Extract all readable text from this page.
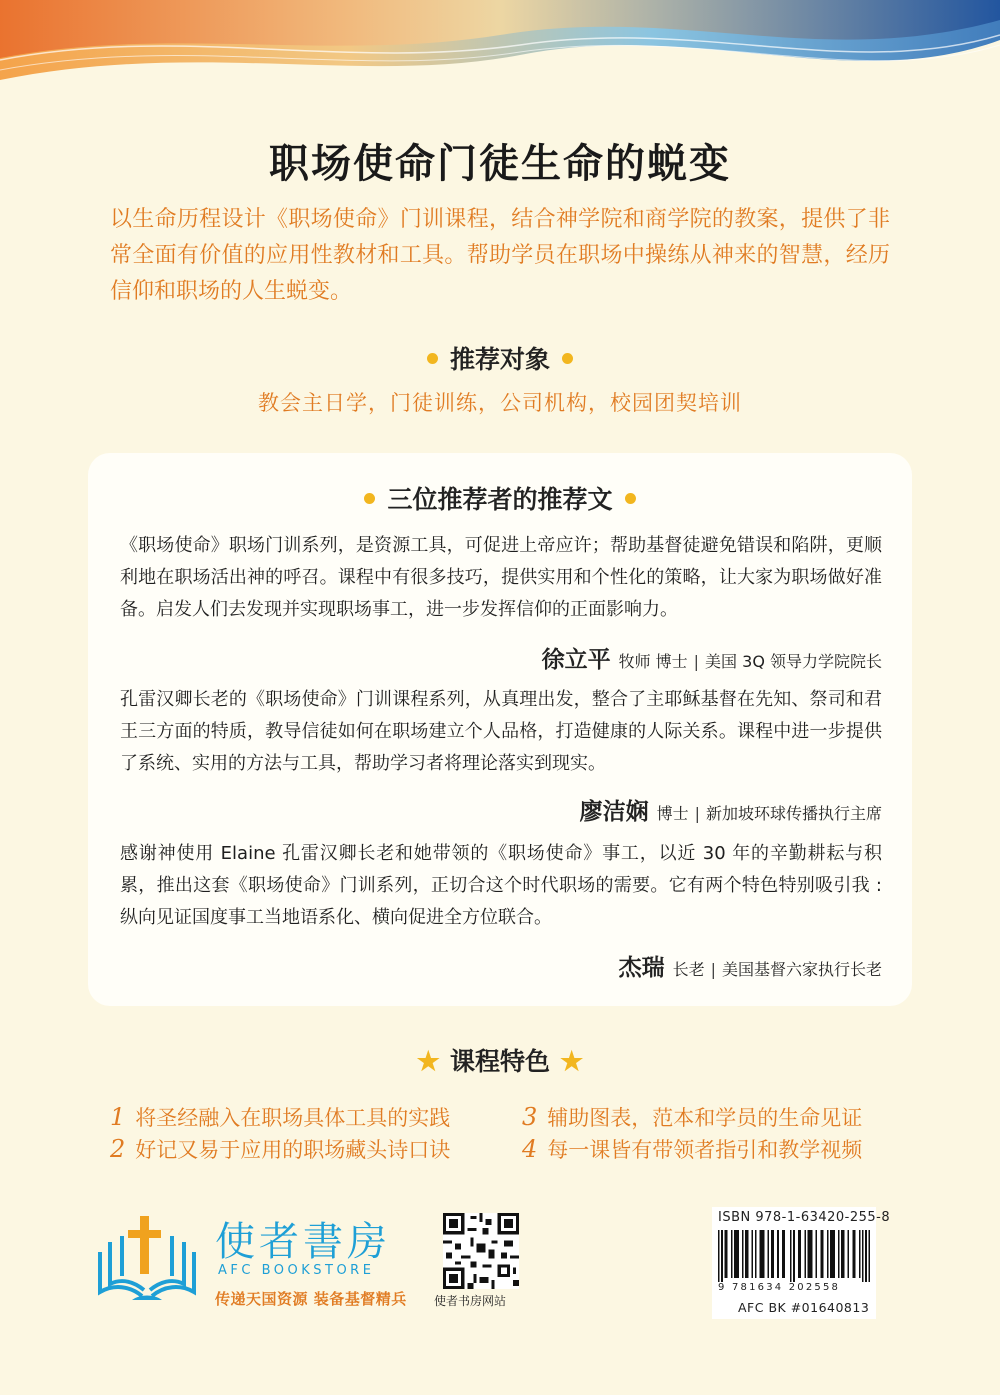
职场使命门徒生命的蜕变
以生命历程设计《职场使命》门训课程，结合神学院和商学院的教案，提供了非常全面有价值的应用性教材和工具。帮助学员在职场中操练从神来的智慧，经历信仰和职场的人生蜕变。
推荐对象
教会主日学，门徒训练，公司机构，校园团契培训
三位推荐者的推荐文
《职场使命》职场门训系列，是资源工具，可促进上帝应许；帮助基督徒避免错误和陷阱，更顺利地在职场活出神的呼召。课程中有很多技巧，提供实用和个性化的策略，让大家为职场做好准备。启发人们去发现并实现职场事工，进一步发挥信仰的正面影响力。
徐立平 牧师 博士 | 美国 3Q 领导力学院院长
孔雷汉卿长老的《职场使命》门训课程系列，从真理出发，整合了主耶稣基督在先知、祭司和君王三方面的特质，教导信徒如何在职场建立个人品格，打造健康的人际关系。课程中进一步提供了系统、实用的方法与工具，帮助学习者将理论落实到现实。
廖洁娴 博士 | 新加坡环球传播执行主席
感谢神使用 Elaine 孔雷汉卿长老和她带领的《职场使命》事工，以近 30 年的辛勤耕耘与积累，推出这套《职场使命》门训系列，正切合这个时代职场的需要。它有两个特色特别吸引我 : 纵向见证国度事工当地语系化、横向促进全方位联合。
杰瑞 长老 | 美国基督六家执行长老
★ 课程特色 ★
1 将圣经融入在职场具体工具的实践
2 好记又易于应用的职场藏头诗口诀
3 辅助图表，范本和学员的生命见证
4 每一课皆有带领者指引和教学视频
使者書房
AFC BOOKSTORE
传递天国资源 装备基督精兵 使者书房网站
ISBN 978-1-63420-255-8
9 781634 202558
AFC BK #01640813
